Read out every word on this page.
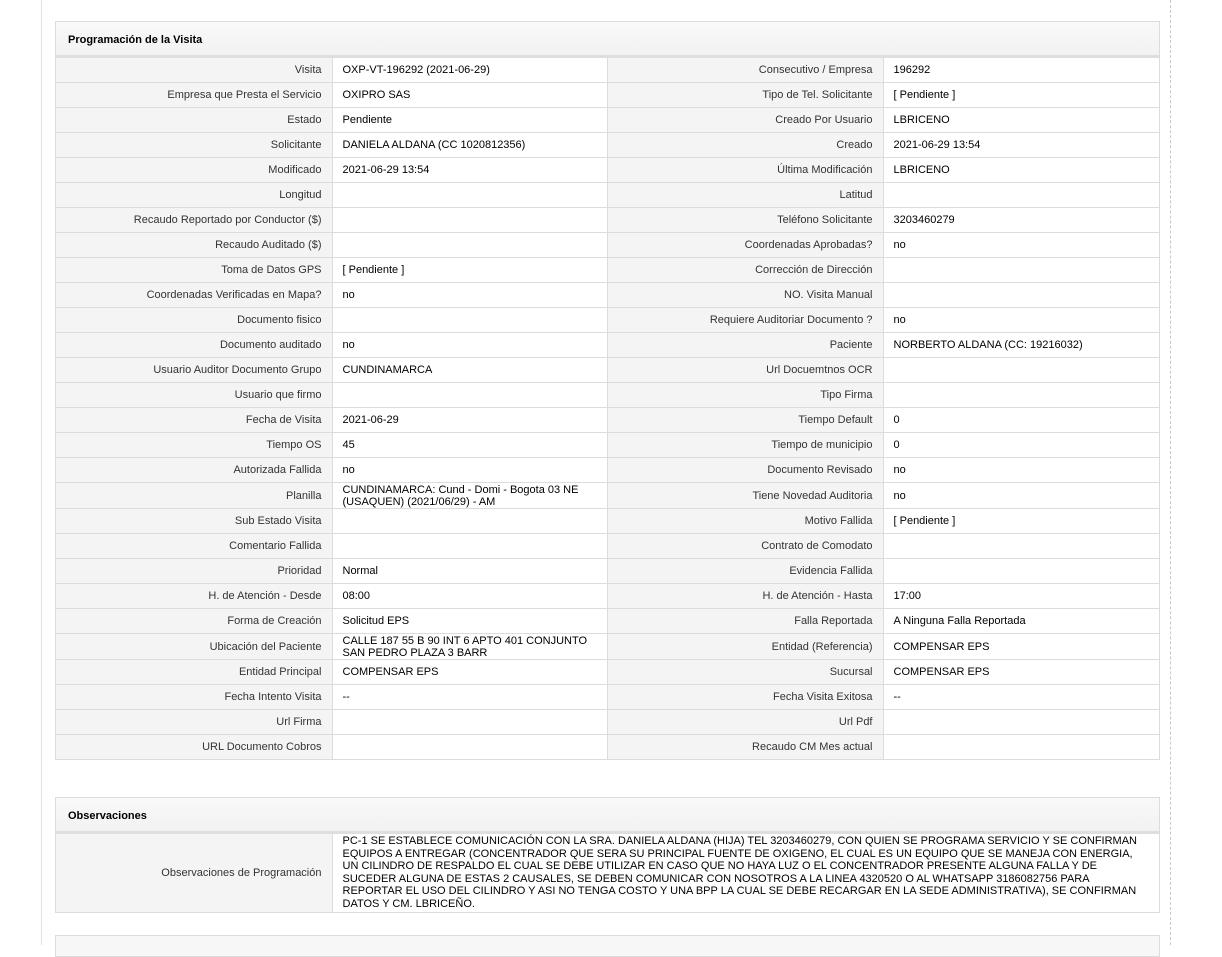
Programación de la Visita
Visita	OXP-VT-196292 (2021-06-29)	Consecutivo / Empresa	196292
Empresa que Presta el Servicio	OXIPRO SAS	Tipo de Tel. Solicitante	[ Pendiente ]
Estado	Pendiente	Creado Por Usuario	LBRICENO
Solicitante	DANIELA ALDANA (CC 1020812356)	Creado	2021-06-29 13:54
Modificado	2021-06-29 13:54	Última Modificación	LBRICENO
Longitud		Latitud	
Recaudo Reportado por Conductor ($)		Teléfono Solicitante	3203460279
Recaudo Auditado ($)		Coordenadas Aprobadas?	no
Toma de Datos GPS	[ Pendiente ]	Corrección de Dirección	
Coordenadas Verificadas en Mapa?	no	NO. Visita Manual	
Documento fisico		Requiere Auditoriar Documento ?	no
Documento auditado	no	Paciente	NORBERTO ALDANA (CC: 19216032)
Usuario Auditor Documento Grupo	CUNDINAMARCA	Url Docuemtnos OCR	
Usuario que firmo		Tipo Firma	
Fecha de Visita	2021-06-29	Tiempo Default	0
Tiempo OS	45	Tiempo de municipio	0
Autorizada Fallida	no	Documento Revisado	no
Planilla	CUNDINAMARCA: Cund - Domi - Bogota 03 NE (USAQUEN) (2021/06/29) - AM	Tiene Novedad Auditoria	no
Sub Estado Visita		Motivo Fallida	[ Pendiente ]
Comentario Fallida		Contrato de Comodato	
Prioridad	Normal	Evidencia Fallida	
H. de Atención - Desde	08:00	H. de Atención - Hasta	17:00
Forma de Creación	Solicitud EPS	Falla Reportada	A Ninguna Falla Reportada
Ubicación del Paciente	CALLE 187 55 B 90 INT 6 APTO 401 CONJUNTO SAN PEDRO PLAZA 3 BARR	Entidad (Referencia)	COMPENSAR EPS
Entidad Principal	COMPENSAR EPS	Sucursal	COMPENSAR EPS
Fecha Intento Visita	--	Fecha Visita Exitosa	--
Url Firma		Url Pdf	
URL Documento Cobros		Recaudo CM Mes actual	
Observaciones
Observaciones de Programación	PC-1 SE ESTABLECE COMUNICACIÓN CON LA SRA. DANIELA ALDANA (HIJA) TEL 3203460279, CON QUIEN SE PROGRAMA SERVICIO Y SE CONFIRMAN EQUIPOS A ENTREGAR (CONCENTRADOR QUE SERA SU PRINCIPAL FUENTE DE OXIGENO, EL CUAL ES UN EQUIPO QUE SE MANEJA CON ENERGIA, UN CILINDRO DE RESPALDO EL CUAL SE DEBE UTILIZAR EN CASO QUE NO HAYA LUZ O EL CONCENTRADOR PRESENTE ALGUNA FALLA Y DE SUCEDER ALGUNA DE ESTAS 2 CAUSALES, SE DEBEN COMUNICAR CON NOSOTROS A LA LINEA 4320520 O AL WHATSAPP 3186082756 PARA REPORTAR EL USO DEL CILINDRO Y ASI NO TENGA COSTO Y UNA BPP LA CUAL SE DEBE RECARGAR EN LA SEDE ADMINISTRATIVA), SE CONFIRMAN DATOS Y CM. LBRICEÑO.
